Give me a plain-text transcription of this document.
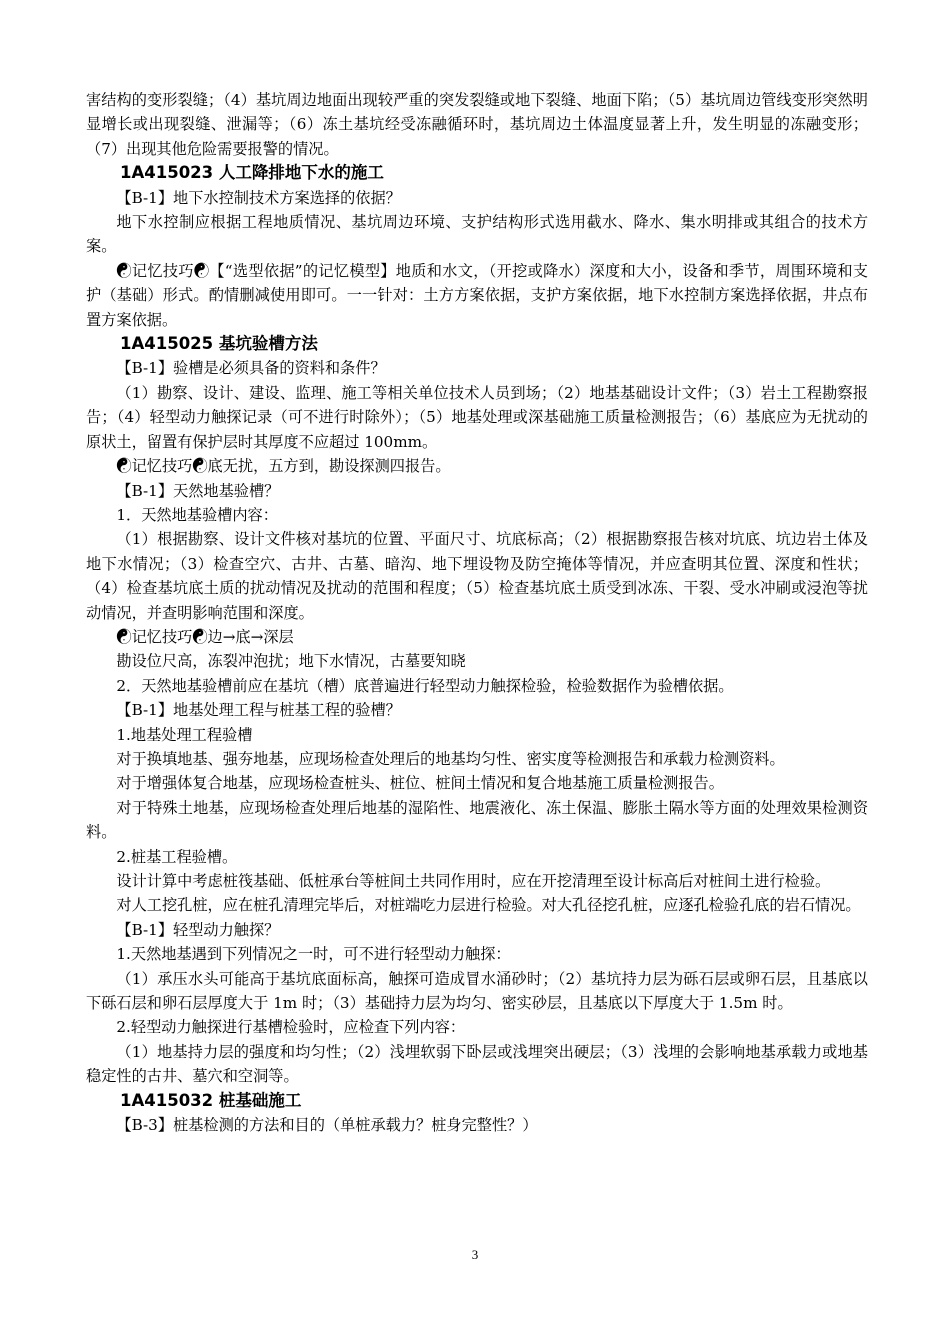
害结构的变形裂缝；（4）基坑周边地面出现较严重的突发裂缝或地下裂缝、地面下陷；（5）基坑周边管线变形突然明显增长或出现裂缝、泄漏等；（6）冻土基坑经受冻融循环时，基坑周边土体温度显著上升，发生明显的冻融变形；（7）出现其他危险需要报警的情况。

1A415023 人工降排地下水的施工

【B-1】地下水控制技术方案选择的依据？

地下水控制应根据工程地质情况、基坑周边环境、支护结构形式选用截水、降水、集水明排或其组合的技术方案。

☯记忆技巧☯【“选型依据”的记忆模型】地质和水文，（开挖或降水）深度和大小，设备和季节，周围环境和支护（基础）形式。酌情删减使用即可。一一针对：土方方案依据，支护方案依据，地下水控制方案选择依据，井点布置方案依据。

1A415025 基坑验槽方法

【B-1】验槽是必须具备的资料和条件？

（1）勘察、设计、建设、监理、施工等相关单位技术人员到场；（2）地基基础设计文件；（3）岩土工程勘察报告；（4）轻型动力触探记录（可不进行时除外）；（5）地基处理或深基础施工质量检测报告；（6）基底应为无扰动的原状土，留置有保护层时其厚度不应超过 100mm。

☯记忆技巧☯底无扰，五方到，勘设探测四报告。

【B-1】天然地基验槽？

1．天然地基验槽内容：

（1）根据勘察、设计文件核对基坑的位置、平面尺寸、坑底标高；（2）根据勘察报告核对坑底、坑边岩土体及地下水情况；（3）检查空穴、古井、古墓、暗沟、地下埋设物及防空掩体等情况，并应查明其位置、深度和性状；（4）检查基坑底土质的扰动情况及扰动的范围和程度；（5）检查基坑底土质受到冰冻、干裂、受水冲刷或浸泡等扰动情况，并查明影响范围和深度。

☯记忆技巧☯边→底→深层

勘设位尺高，冻裂冲泡扰；地下水情况，古墓要知晓

2．天然地基验槽前应在基坑（槽）底普遍进行轻型动力触探检验，检验数据作为验槽依据。

【B-1】地基处理工程与桩基工程的验槽？

1.地基处理工程验槽

对于换填地基、强夯地基，应现场检查处理后的地基均匀性、密实度等检测报告和承载力检测资料。

对于增强体复合地基，应现场检查桩头、桩位、桩间土情况和复合地基施工质量检测报告。

对于特殊土地基，应现场检查处理后地基的湿陷性、地震液化、冻土保温、膨胀土隔水等方面的处理效果检测资料。

2.桩基工程验槽。

设计计算中考虑桩筏基础、低桩承台等桩间土共同作用时，应在开挖清理至设计标高后对桩间土进行检验。

对人工挖孔桩，应在桩孔清理完毕后，对桩端吃力层进行检验。对大孔径挖孔桩，应逐孔检验孔底的岩石情况。

【B-1】轻型动力触探？

1.天然地基遇到下列情况之一时，可不进行轻型动力触探：

（1）承压水头可能高于基坑底面标高，触探可造成冒水涌砂时；（2）基坑持力层为砾石层或卵石层，且基底以下砾石层和卵石层厚度大于 1m 时；（3）基础持力层为均匀、密实砂层，且基底以下厚度大于 1.5m 时。

2.轻型动力触探进行基槽检验时，应检查下列内容：

（1）地基持力层的强度和均匀性；（2）浅埋软弱下卧层或浅埋突出硬层；（3）浅埋的会影响地基承载力或地基稳定性的古井、墓穴和空洞等。

1A415032 桩基础施工

【B-3】桩基检测的方法和目的（单桩承载力？桩身完整性？）

3
